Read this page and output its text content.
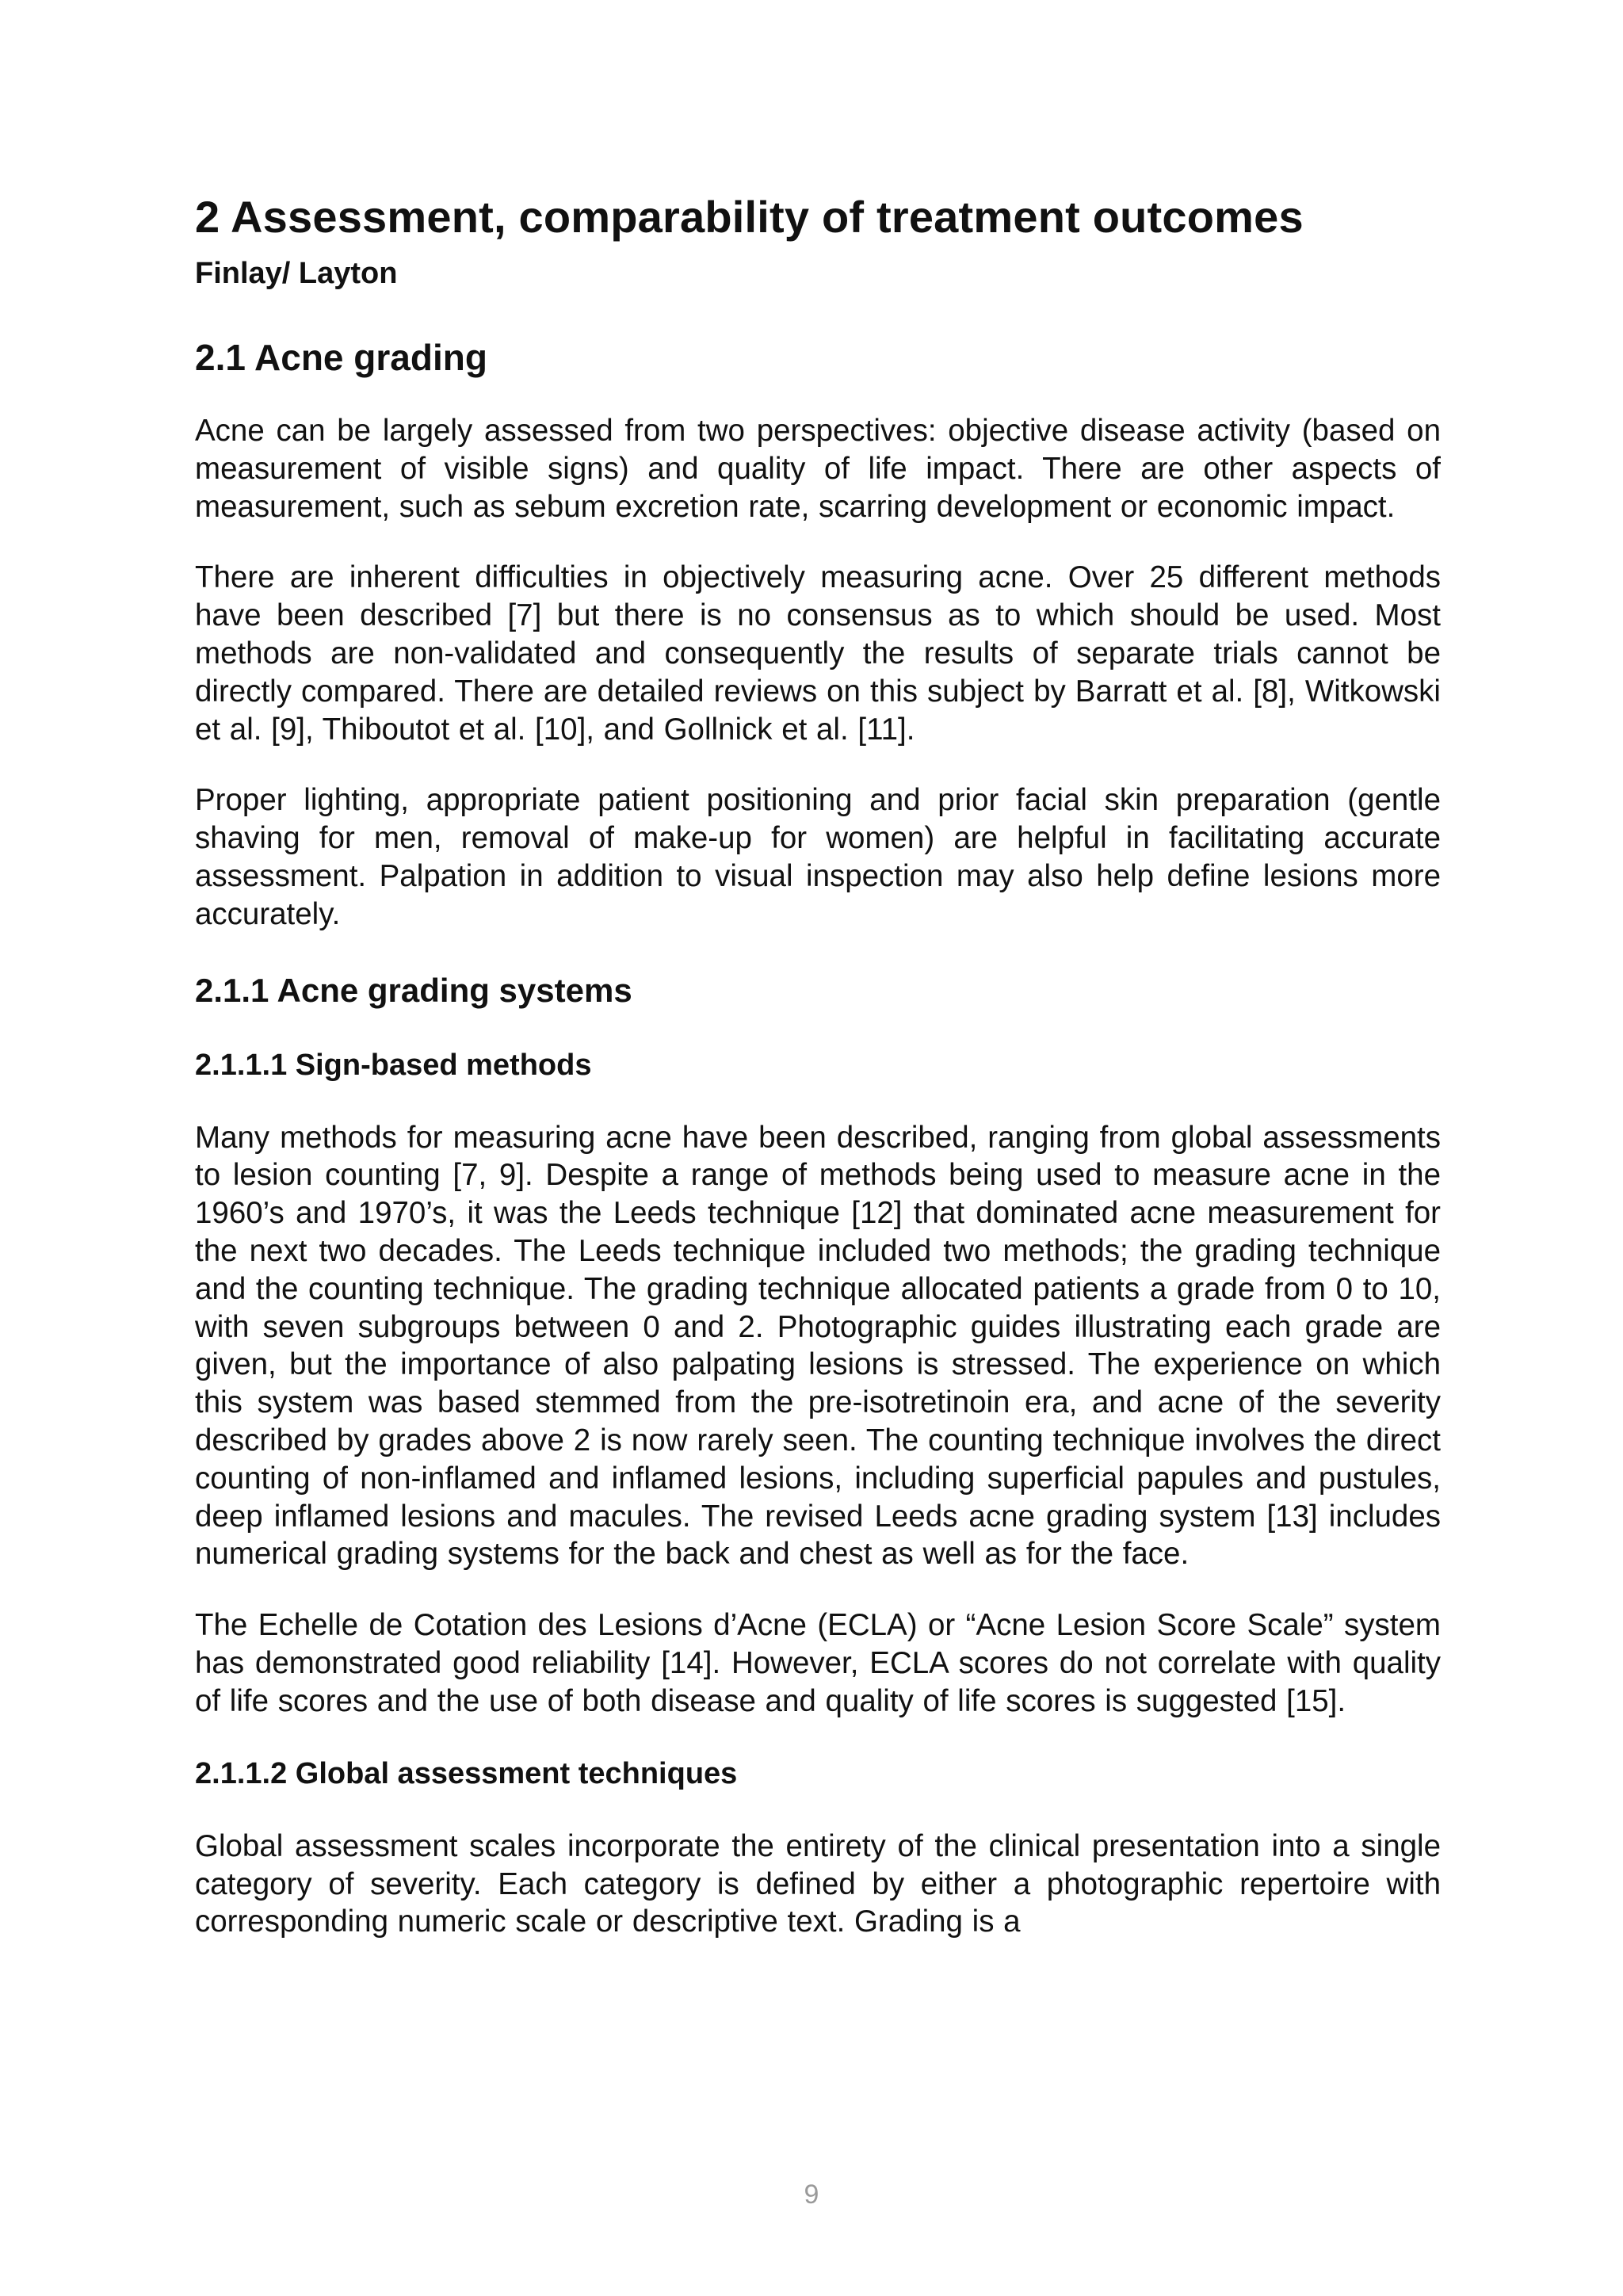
2 Assessment, comparability of treatment outcomes
Finlay/ Layton
2.1 Acne grading

Acne can be largely assessed from two perspectives: objective disease activity (based on measurement of visible signs) and quality of life impact. There are other aspects of measurement, such as sebum excretion rate, scarring development or economic impact.

There are inherent difficulties in objectively measuring acne. Over 25 different methods have been described [7] but there is no consensus as to which should be used. Most methods are non-validated and consequently the results of separate trials cannot be directly compared. There are detailed reviews on this subject by Barratt et al. [8], Witkowski et al. [9], Thiboutot et al. [10], and Gollnick et al. [11].

Proper lighting, appropriate patient positioning and prior facial skin preparation (gentle shaving for men, removal of make-up for women) are helpful in facilitating accurate assessment. Palpation in addition to visual inspection may also help define lesions more accurately.

2.1.1 Acne grading systems
2.1.1.1 Sign-based methods

Many methods for measuring acne have been described, ranging from global assessments to lesion counting [7, 9]. Despite a range of methods being used to measure acne in the 1960’s and 1970’s, it was the Leeds technique [12] that dominated acne measurement for the next two decades. The Leeds technique included two methods; the grading technique and the counting technique. The grading technique allocated patients a grade from 0 to 10, with seven subgroups between 0 and 2. Photographic guides illustrating each grade are given, but the importance of also palpating lesions is stressed. The experience on which this system was based stemmed from the pre-isotretinoin era, and acne of the severity described by grades above 2 is now rarely seen. The counting technique involves the direct counting of non-inflamed and inflamed lesions, including superficial papules and pustules, deep inflamed lesions and macules. The revised Leeds acne grading system [13] includes numerical grading systems for the back and chest as well as for the face.

The Echelle de Cotation des Lesions d’Acne (ECLA) or “Acne Lesion Score Scale” system has demonstrated good reliability [14]. However, ECLA scores do not correlate with quality of life scores and the use of both disease and quality of life scores is suggested [15].

2.1.1.2 Global assessment techniques

Global assessment scales incorporate the entirety of the clinical presentation into a single category of severity. Each category is defined by either a photographic repertoire with corresponding numeric scale or descriptive text. Grading is a

9
